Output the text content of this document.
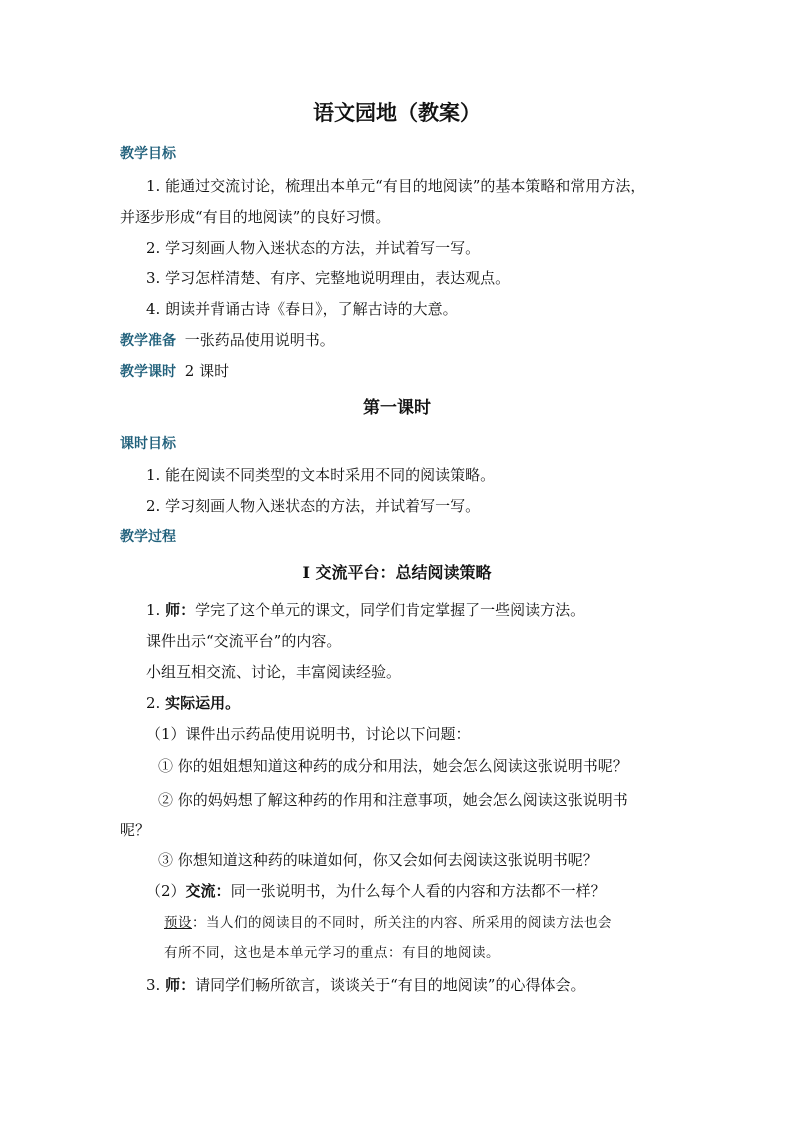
语文园地（教案）
教学目标
1. 能通过交流讨论，梳理出本单元“有目的地阅读”的基本策略和常用方法，
并逐步形成“有目的地阅读”的良好习惯。
2. 学习刻画人物入迷状态的方法，并试着写一写。
3. 学习怎样清楚、有序、完整地说明理由，表达观点。
4. 朗读并背诵古诗《春日》，了解古诗的大意。
教学准备 一张药品使用说明书。
教学课时 2 课时
第一课时
课时目标
1. 能在阅读不同类型的文本时采用不同的阅读策略。
2. 学习刻画人物入迷状态的方法，并试着写一写。
教学过程
Ⅰ 交流平台：总结阅读策略
1. 师：学完了这个单元的课文，同学们肯定掌握了一些阅读方法。
课件出示“交流平台”的内容。
小组互相交流、讨论，丰富阅读经验。
2. 实际运用。
（1）课件出示药品使用说明书，讨论以下问题：
① 你的姐姐想知道这种药的成分和用法，她会怎么阅读这张说明书呢？
② 你的妈妈想了解这种药的作用和注意事项，她会怎么阅读这张说明书
呢？
③ 你想知道这种药的味道如何，你又会如何去阅读这张说明书呢？
（2）交流：同一张说明书，为什么每个人看的内容和方法都不一样？
预设：当人们的阅读目的不同时，所关注的内容、所采用的阅读方法也会
有所不同，这也是本单元学习的重点：有目的地阅读。
3. 师：请同学们畅所欲言，谈谈关于“有目的地阅读”的心得体会。
